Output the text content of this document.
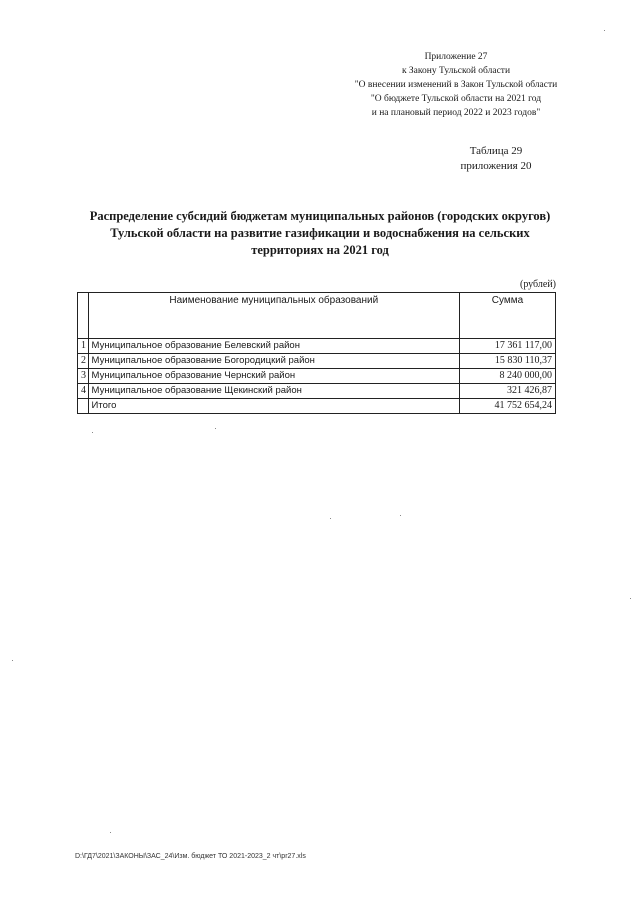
Приложение 27
к Закону Тульской области
"О внесении изменений в Закон Тульской области
"О бюджете Тульской области на 2021 год
и на плановый период 2022 и 2023 годов"
Таблица 29
приложения 20
Распределение субсидий бюджетам муниципальных районов (городских округов)
Тульской области на развитие газификации и водоснабжения на сельских
территориях на 2021 год
(рублей)
	Наименование муниципальных образований	Сумма
1	Муниципальное образование Белевский район	17 361 117,00
2	Муниципальное образование Богородицкий район	15 830 110,37
3	Муниципальное образование Чернский район	8 240 000,00
4	Муниципальное образование Щекинский район	321 426,87
	Итого	41 752 654,24
D:\ГД7\2021\ЗАКОНЫ\ЗАС_24\Изм. бюджет ТО 2021-2023_2 чт\pr27.xls
